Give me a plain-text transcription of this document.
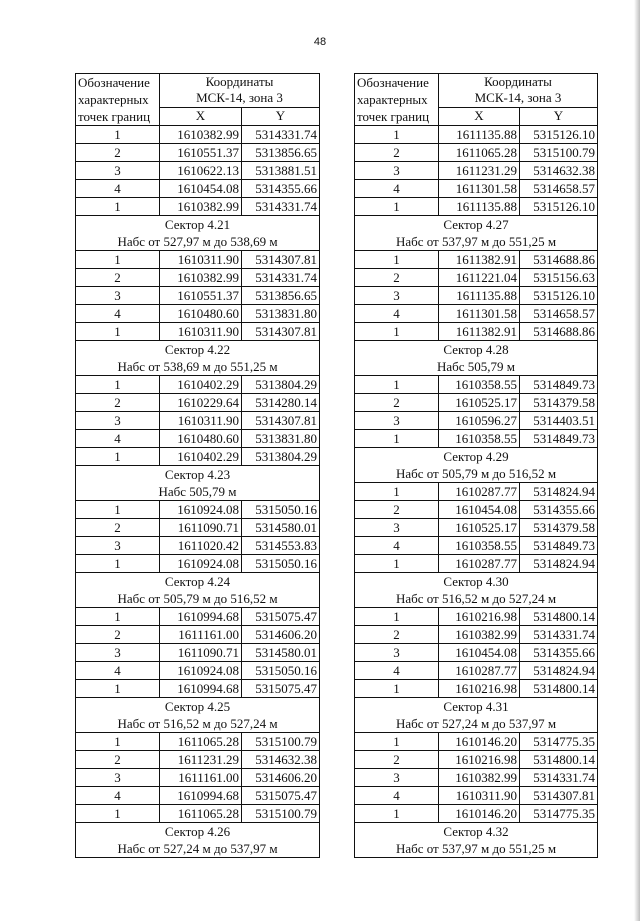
48
Обозначение
характерных
точек границ	Координаты
МСК-14, зона 3	
	X	Y
1	1610382.99	5314331.74
2	1610551.37	5313856.65
3	1610622.13	5313881.51
4	1610454.08	5314355.66
1	1610382.99	5314331.74
Сектор 4.21		
Набс от 527,97 м до 538,69 м		
1	1610311.90	5314307.81
2	1610382.99	5314331.74
3	1610551.37	5313856.65
4	1610480.60	5313831.80
1	1610311.90	5314307.81
Сектор 4.22		
Набс от 538,69 м до 551,25 м		
1	1610402.29	5313804.29
2	1610229.64	5314280.14
3	1610311.90	5314307.81
4	1610480.60	5313831.80
1	1610402.29	5313804.29
Сектор 4.23		
Набс 505,79 м		
1	1610924.08	5315050.16
2	1611090.71	5314580.01
3	1611020.42	5314553.83
1	1610924.08	5315050.16
Сектор 4.24		
Набс от 505,79 м до 516,52 м		
1	1610994.68	5315075.47
2	1611161.00	5314606.20
3	1611090.71	5314580.01
4	1610924.08	5315050.16
1	1610994.68	5315075.47
Сектор 4.25		
Набс от 516,52 м до 527,24 м		
1	1611065.28	5315100.79
2	1611231.29	5314632.38
3	1611161.00	5314606.20
4	1610994.68	5315075.47
1	1611065.28	5315100.79
Сектор 4.26		
Набс от 527,24 м до 537,97 м		
Обозначение
характерных
точек границ	Координаты
МСК-14, зона 3	
	X	Y
1	1611135.88	5315126.10
2	1611065.28	5315100.79
3	1611231.29	5314632.38
4	1611301.58	5314658.57
1	1611135.88	5315126.10
Сектор 4.27		
Набс от 537,97 м до 551,25 м		
1	1611382.91	5314688.86
2	1611221.04	5315156.63
3	1611135.88	5315126.10
4	1611301.58	5314658.57
1	1611382.91	5314688.86
Сектор 4.28		
Набс 505,79 м		
1	1610358.55	5314849.73
2	1610525.17	5314379.58
3	1610596.27	5314403.51
1	1610358.55	5314849.73
Сектор 4.29		
Набс от 505,79 м до 516,52 м		
1	1610287.77	5314824.94
2	1610454.08	5314355.66
3	1610525.17	5314379.58
4	1610358.55	5314849.73
1	1610287.77	5314824.94
Сектор 4.30		
Набс от 516,52 м до 527,24 м		
1	1610216.98	5314800.14
2	1610382.99	5314331.74
3	1610454.08	5314355.66
4	1610287.77	5314824.94
1	1610216.98	5314800.14
Сектор 4.31		
Набс от 527,24 м до 537,97 м		
1	1610146.20	5314775.35
2	1610216.98	5314800.14
3	1610382.99	5314331.74
4	1610311.90	5314307.81
1	1610146.20	5314775.35
Сектор 4.32		
Набс от 537,97 м до 551,25 м		
